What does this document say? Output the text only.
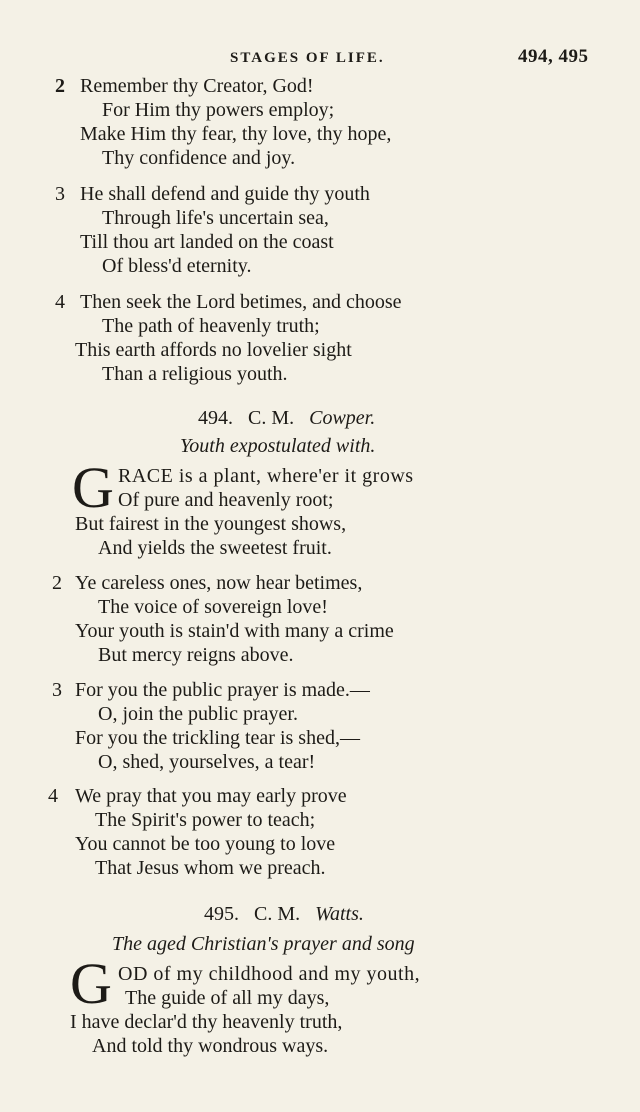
STAGES OF LIFE.	494, 495
2 Remember thy Creator, God!
For Him thy powers employ;
Make Him thy fear, thy love, thy hope,
Thy confidence and joy.
3 He shall defend and guide thy youth
Through life's uncertain sea,
Till thou art landed on the coast
Of bless'd eternity.
4 Then seek the Lord betimes, and choose
The path of heavenly truth;
This earth affords no lovelier sight
Than a religious youth.
494. C. M. Cowper.
Youth expostulated with.
G RACE is a plant, where'er it grows
Of pure and heavenly root;
But fairest in the youngest shows,
And yields the sweetest fruit.
2 Ye careless ones, now hear betimes,
The voice of sovereign love!
Your youth is stain'd with many a crime
But mercy reigns above.
3 For you the public prayer is made.—
O, join the public prayer.
For you the trickling tear is shed,—
O, shed, yourselves, a tear!
4 We pray that you may early prove
The Spirit's power to teach;
You cannot be too young to love
That Jesus whom we preach.
495. C. M. Watts.
The aged Christian's prayer and song
G OD of my childhood and my youth,
The guide of all my days,
I have declar'd thy heavenly truth,
And told thy wondrous ways.
